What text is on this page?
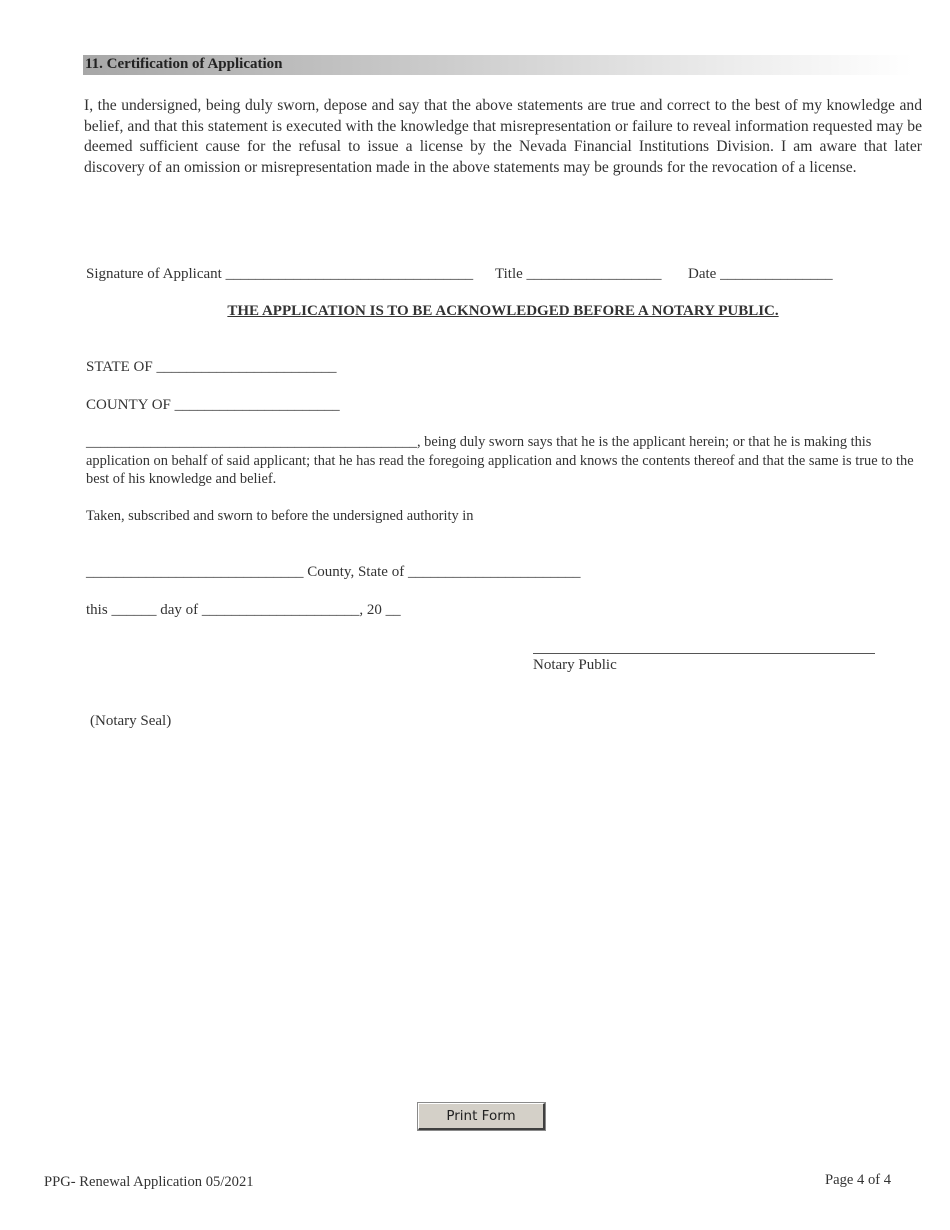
11. Certification of Application
I, the undersigned, being duly sworn, depose and say that the above statements are true and correct to the best of my knowledge and belief, and that this statement is executed with the knowledge that misrepresentation or failure to reveal information requested may be deemed sufficient cause for the refusal to issue a license by the Nevada Financial Institutions Division. I am aware that later discovery of an omission or misrepresentation made in the above statements may be grounds for the revocation of a license.
Signature of Applicant _________________________________ Title __________________ Date _______________
THE APPLICATION IS TO BE ACKNOWLEDGED BEFORE A NOTARY PUBLIC.
STATE OF ________________________
COUNTY OF ______________________
______________________________________________, being duly sworn says that he is the applicant herein; or that he is making this application on behalf of said applicant; that he has read the foregoing application and knows the contents thereof and that the same is true to the best of his knowledge and belief.
Taken, subscribed and sworn to before the undersigned authority in
_____________________________ County, State of _______________________
this ______ day of _____________________, 20 __
Notary Public
(Notary Seal)
Print Form
PPG- Renewal Application 05/2021	Page 4 of 4
